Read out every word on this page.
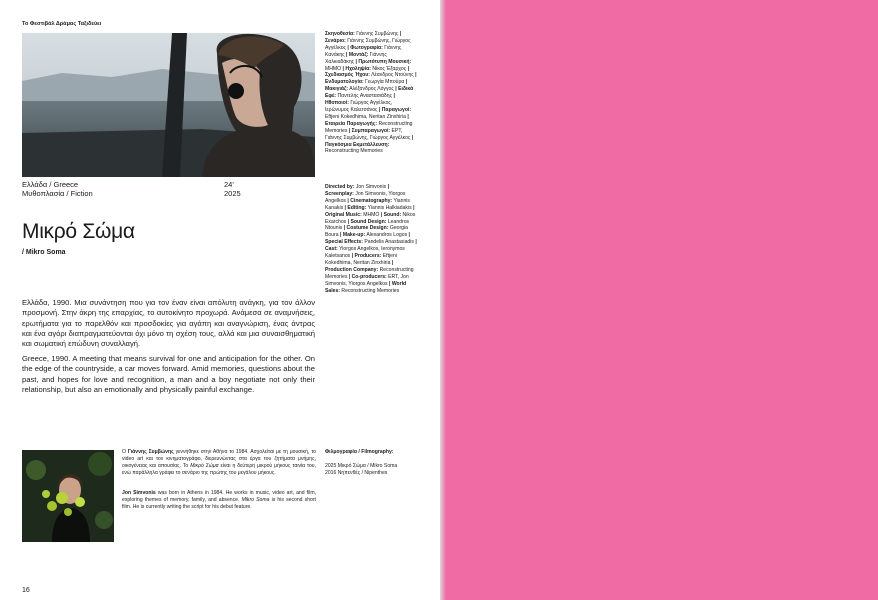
Το Φεστιβάλ Δράμας Ταξιδεύει
Ελλάδα / Greece
Μυθοπλασία / Fiction
24'
2025
Μικρό Σώμα
/ Mikro Soma

Ελλάδα, 1990. Μια συνάντηση που για τον έναν είναι απόλυτη ανάγκη, για τον άλλον προσμονή. Στην άκρη της επαρχίας, το αυτοκίνητο προχωρά. Ανάμεσα σε αναμνήσεις, ερωτήματα για το παρελθόν και προσδοκίες για αγάπη και αναγνώριση, ένας άντρας και ένα αγόρι διαπραγματεύονται όχι μόνο τη σχέση τους, αλλά και μια συναισθηματική και σωματική επώδυνη συναλλαγή.

Greece, 1990. A meeting that means survival for one and anticipation for the other. On the edge of the countryside, a car moves forward. Amid memories, questions about the past, and hopes for love and recognition, a man and a boy negotiate not only their relationship, but also an emotionally and physically painful exchange.

Σκηνοθεσία: Γιάννης Συμβώνης | Σενάριο: Γιάννης Συμβώνης, Γιώργος Αγγέλκος | Φωτογραφία: Γιάννης Κανάκης | Μοντάζ: Γιάννης Χαλκιαδάκης | Πρωτότυπη Μουσική: ΜΗΜΟ | Ηχοληψία: Νίκος Έξαρχος | Σχεδιασμός Ήχου: Λέανδρος Ντούνης | Ενδυματολογία: Γεωργία Μπούρα | Μακιγιάζ: Αλέξανδρος Λόγγος | Ειδικά Εφέ: Παντελής Αναστασιάδης | Ηθοποιοί: Γιώργος Αγγέλκος, Ιερώνυμος Καλετσάνος | Παραγωγοί: Eftjeni Kokedhima, Neritan Zinxhiria | Εταιρεία Παραγωγής: Reconstructing Memories | Συμπαραγωγοί: ΕΡΤ, Γιάννης Συμβώνης, Γιώργος Αγγέλκος | Παγκόσμια Εκμετάλλευση: Reconstructing Memories

Directed by: Jon Simvonis | Screenplay: Jon Simvonis, Yiorgos Angelkos | Cinematography: Yiannis Kanakis | Editing: Yiannis Halkiadakis | Original Music: MHMO | Sound: Nikos Exarchos | Sound Design: Leandros Ntounis | Costume Design: Georgia Boura | Make-up: Alexandros Logos | Special Effects: Pandelis Anastasiadis | Cast: Yiorgos Angelkos, Ieronymos Kaletsanos | Producers: Eftjeni Kokedhima, Neritan Zinxhiria | Production Company: Reconstructing Memories | Co-producers: ERT, Jon Simvonis, Yiorgos Angelkos | World Sales: Reconstructing Memories

Ο Γιάννης Συμβώνης γεννήθηκε στην Αθήνα το 1984. Ασχολείται με τη μουσική, το video art και τον κινηματογράφο, διερευνώντας στα έργα του ζητήματα μνήμης, οικογένειας και απουσίας. Το Μικρό Σώμα είναι η δεύτερη μικρού μήκους ταινία του, ενώ παράλληλα γράφει το σενάριο της πρώτης του μεγάλου μήκους.

Jon Simvonis was born in Athens in 1984. He works in music, video art, and film, exploring themes of memory, family, and absence. Mikro Soma is his second short film. He is currently writing the script for his debut feature.

Φιλμογραφία / Filmography:
2025 Μικρό Σώμα / Mikro Soma
2016 Νηπενθές / Nipenthes
16
